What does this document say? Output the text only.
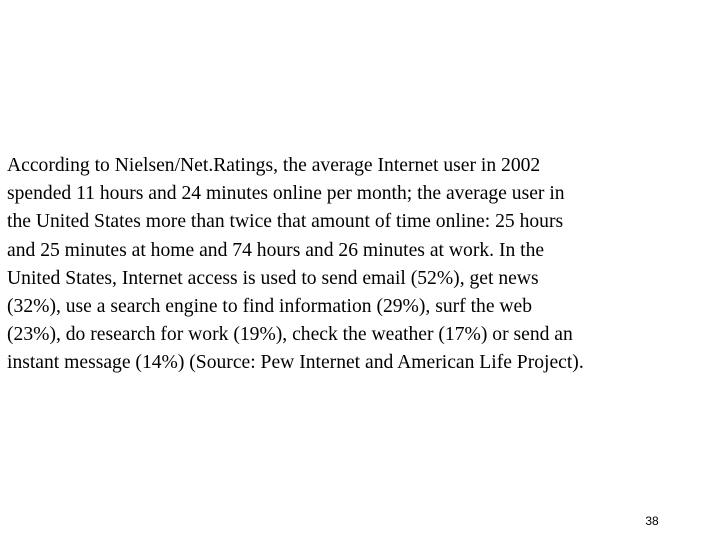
According to Nielsen/Net.Ratings, the average Internet user in 2002
spended 11 hours and 24 minutes online per month; the average user in
the United States more than twice that amount of time online: 25 hours
and 25 minutes at home and 74 hours and 26 minutes at work. In the
United States, Internet access is used to send email (52%), get news
(32%), use a search engine to find information (29%), surf the web
(23%), do research for work (19%), check the weather (17%) or send an
instant message (14%) (Source: Pew Internet and American Life Project).

38
